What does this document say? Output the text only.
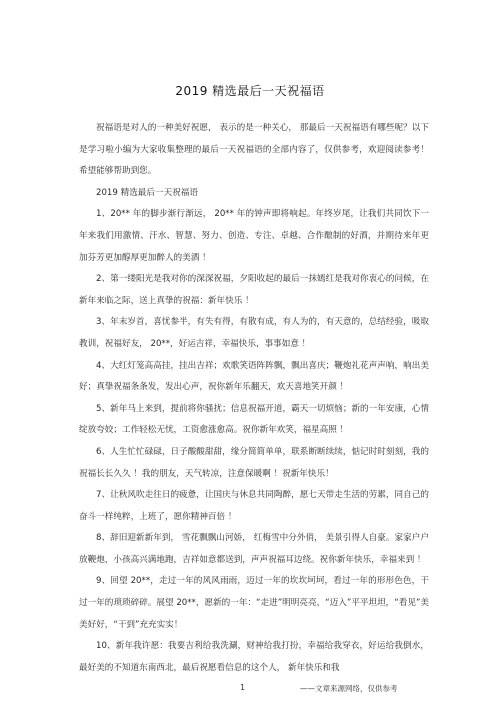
2019 精选最后一天祝福语

祝福语是对人的一种美好祝愿， 表示的是一种关心， 那最后一天祝福语有哪些呢？以下是学习啦小编为大家收集整理的最后一天祝福语的全部内容了，仅供参考，欢迎阅读参考！希望能够帮助到您。

2019 精选最后一天祝福语

1、20** 年的脚步渐行渐远， 20** 年的钟声即将响起。年终岁尾，让我们共同饮下一年来我们用激情、汗水、智慧、努力、创造、专注、卓越、合作酿制的好酒，并期待来年更加芬芳更加醇厚更加醉人的美酒 ！

2、第一缕阳光是我对你的深深祝福，夕阳收起的最后一抹嫣红是我对你衷心的问候，在新年来临之际，送上真挚的祝福：新年快乐 ！

3、年末岁首，喜忧参半，有失有得，有散有成，有人为的，有天意的，总结经验，吸取教训，祝福好友， 20**，好运吉祥，幸福快乐，事事如意 ！

4、大红灯笼高高挂，挂出吉祥；欢歌笑语阵阵飘，飘出喜庆；鞭炮礼花声声响，响出美好；真挚祝福条条发，发出心声，祝你新年乐翻天，欢天喜地笑开颜 ！

5、新年马上来到，提前将你骚扰；信息祝福开道，霸天一切烦恼；新的一年安康，心情绽放夸姣；工作轻松无忧，工资愈涨愈高。祝你新年欢笑，福星高照 ！

6、人生忙忙碌碌，日子酸酸甜甜，缘分简简单单，联系断断续续，惦记时时刻刻，我的祝福长长久久 ！我的朋友，天气转凉，注意保暖啊 ！祝新年快乐！

7、让秋风吹走往日的疲惫，让国庆与休息共同陶醉，愿七天带走生活的劳累，同自己的奋斗一样纯粹，上班了，愿你精神百倍 ！

8、辞旧迎新新年到， 雪花飘飘山河娇， 红梅雪中分外俏， 美景引得人自豪。家家户户放鞭炮，小孩高兴满地跑，吉祥如意都送到，声声祝福耳边绕。祝你新年快乐，幸福来到 ！

9、回望 20**，走过一年的风风雨雨，迈过一年的坎坎坷坷，看过一年的形形色色，干过一年的琐琐碎碎。展望 20**，愿新的一年：“走进”明明亮亮，“迈入”平平坦坦，“看见”美美好好，“干到”充充实实！

10、新年我许愿：我要吉利给我洗涮，财神给我打扮，幸福给我穿衣，好运给我倒水，最好美的不知道东南西北，最后祝愿看信息的这个人， 新年快乐和我

1	——文章来源网络，仅供参考
